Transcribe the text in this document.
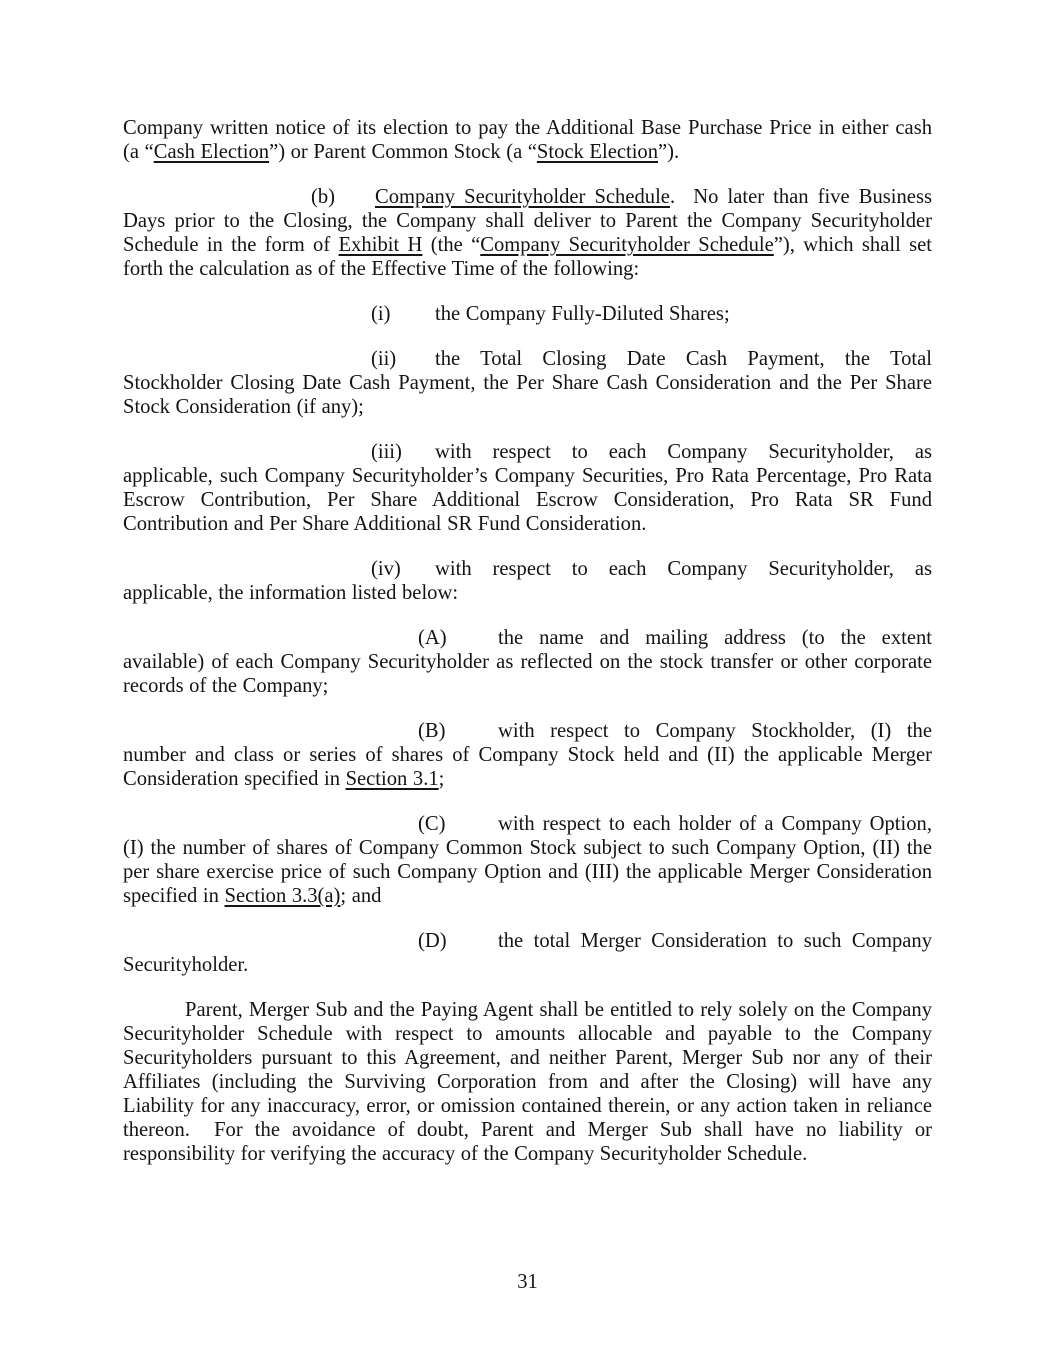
Company written notice of its election to pay the Additional Base Purchase Price in either cash (a “Cash Election”) or Parent Common Stock (a “Stock Election”).

(b) Company Securityholder Schedule.  No later than five Business Days prior to the Closing, the Company shall deliver to Parent the Company Securityholder Schedule in the form of Exhibit H (the “Company Securityholder Schedule”), which shall set forth the calculation as of the Effective Time of the following:

(i) the Company Fully-Diluted Shares;

(ii) the Total Closing Date Cash Payment, the Total Stockholder Closing Date Cash Payment, the Per Share Cash Consideration and the Per Share Stock Consideration (if any);

(iii) with respect to each Company Securityholder, as applicable, such Company Securityholder’s Company Securities, Pro Rata Percentage, Pro Rata Escrow Contribution, Per Share Additional Escrow Consideration, Pro Rata SR Fund Contribution and Per Share Additional SR Fund Consideration.

(iv) with respect to each Company Securityholder, as applicable, the information listed below:

(A) the name and mailing address (to the extent available) of each Company Securityholder as reflected on the stock transfer or other corporate records of the Company;

(B)	with respect to Company Stockholder, (I) the number and class or series of shares of Company Stock held and (II) the applicable Merger Consideration specified in Section 3.1;

(C)	with respect to each holder of a Company Option, (I) the number of shares of Company Common Stock subject to such Company Option, (II) the per share exercise price of such Company Option and (III) the applicable Merger Consideration specified in Section 3.3(a); and

(D) the total Merger Consideration to such Company Securityholder.

Parent, Merger Sub and the Paying Agent shall be entitled to rely solely on the Company Securityholder Schedule with respect to amounts allocable and payable to the Company Securityholders pursuant to this Agreement, and neither Parent, Merger Sub nor any of their Affiliates (including the Surviving Corporation from and after the Closing) will have any Liability for any inaccuracy, error, or omission contained therein, or any action taken in reliance thereon.  For the avoidance of doubt, Parent and Merger Sub shall have no liability or responsibility for verifying the accuracy of the Company Securityholder Schedule.

31
